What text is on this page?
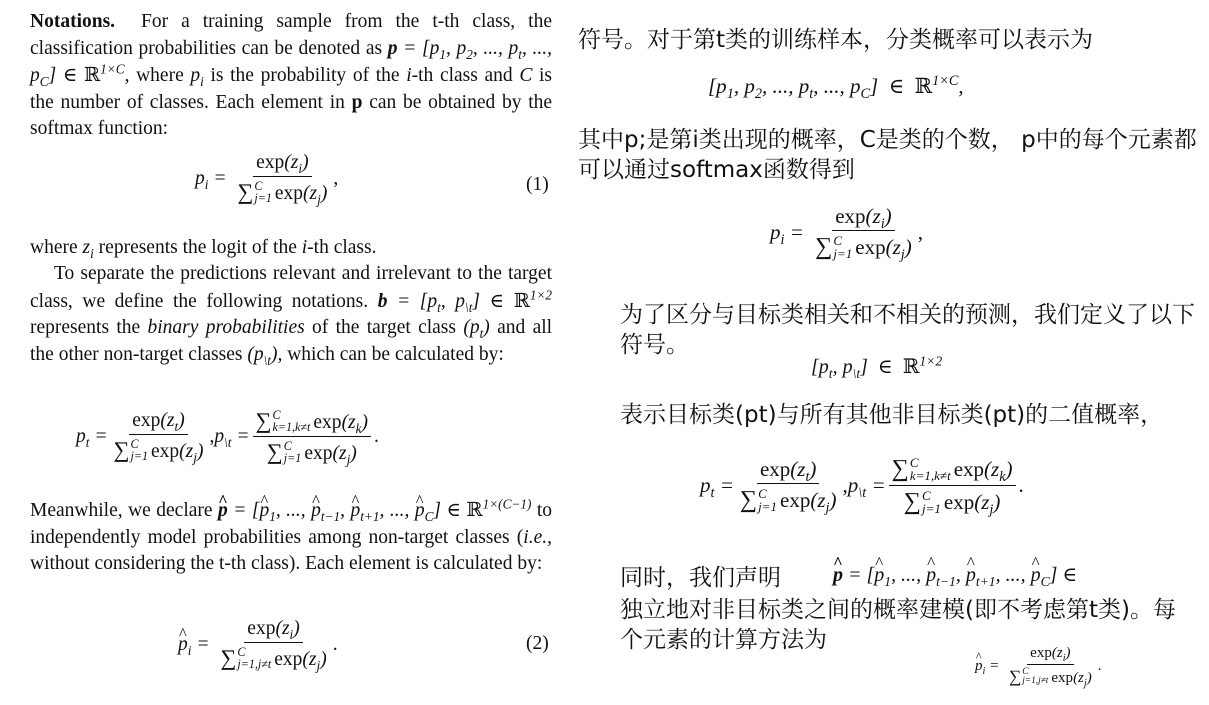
Notations. For a training sample from the t-th class, the classification probabilities can be denoted as $p = [p_1$, $p_2$, ..., $p_t$, ..., $p_C$] ∈ ℝ$^{1\times C}$, where $p_i$ is the probability of the i-th class and C is the number of classes. Each element in p can be obtained by the softmax function:
$p_i = \exp(z_i)$
∑ C
j=1 $\exp(z_j)$ ,	(1)
where $z_i$ represents the logit of the i-th class.
To separate the predictions relevant and irrelevant to the target class, we define the following notations. $b = [p_t$, $p_{\backslash t}$] ∈ ℝ$^{1\times 2}$ represents the binary probabilities of the target class $(p_t)$ and all the other non-target classes $(p_{\backslash t})$, which can be calculated by:
$p_t = \exp(z_t)$
∑ C
j=1 $\exp(z_j)$ , $p_{\backslash t}$ = ∑ C
k=1,k≠t $\exp(z_k)$
∑ C
j=1 $\exp(z_j)$ .
Meanwhile, we declare ^ p = [^ $p_1$, ..., ^ $p_{t-1}$, ^ $p_{t+1}$, ..., ^ $p_C$] ∈ ℝ$^{1\times(C-1)}$ to independently model probabilities among non-target classes (i.e., without considering the t-th class). Each element is calculated by:
^ $p_i = \exp(z_i)$
∑ C
j=1,j≠t $\exp(z_j)$ .	(2)
符号。对于第t类的训练样本，分类概率可以表示为
[$p_1$, $p_2$, ..., $p_t$, ..., $p_C$]  ∈  ℝ$^{1\times C}$,
其中p;是第i类出现的概率，C是类的个数， p中的每个元素都可以通过softmax函数得到
$p_i = \exp(z_i)$
∑ C
j=1 $\exp(z_j)$ ,
为了区分与目标类相关和不相关的预测，我们定义了以下符号。
[$p_t$, $p_{\backslash t}$]  ∈  ℝ$^{1\times 2}$
表示目标类(pt)与所有其他非目标类(pt)的二值概率，
$p_t = \exp(z_t)$
∑ C
j=1 $\exp(z_j)$ , $p_{\backslash t}$ = ∑ C
k=1,k≠t $\exp(z_k)$
∑ C
j=1 $\exp(z_j)$ .
同时，我们声明	^ p = [^ $p_1$, ..., ^ $p_{t-1}$, ^ $p_{t+1}$, ..., ^ $p_C$] ∈
独立地对非目标类之间的概率建模(即不考虑第t类)。每个元素的计算方法为
^ $p_i = \exp(z_i)$
∑ C
j=1,j≠t $\exp(z_j)$ .
